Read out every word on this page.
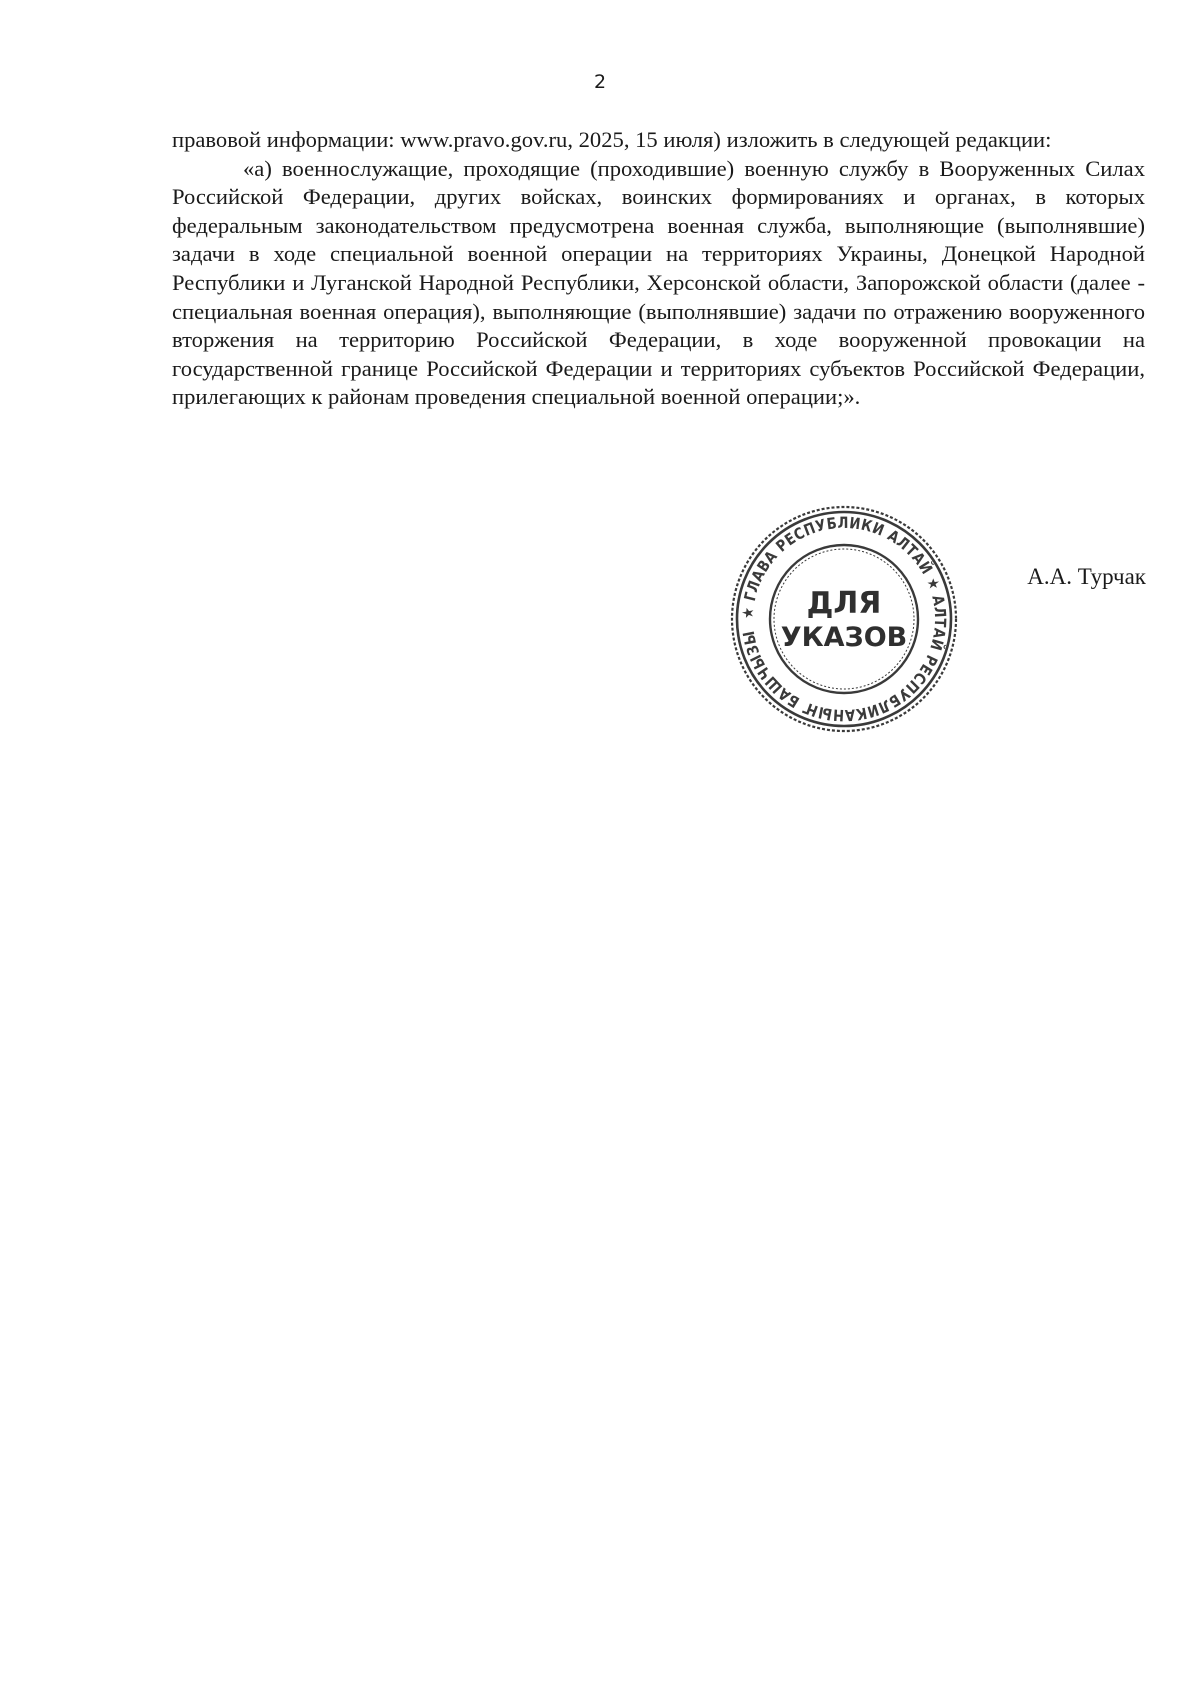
2

правовой информации: www.pravo.gov.ru, 2025, 15 июля) изложить в следующей редакции:

«а) военнослужащие, проходящие (проходившие) военную службу в Вооруженных Силах Российской Федерации, других войсках, воинских формированиях и органах, в которых федеральным законодательством предусмотрена военная служба, выполняющие (выполнявшие) задачи в ходе специальной военной операции на территориях Украины, Донецкой Народной Республики и Луганской Народной Республики, Херсонской области, Запорожской области (далее - специальная военная операция), выполняющие (выполнявшие) задачи по отражению вооруженного вторжения на территорию Российской Федерации, в ходе вооруженной провокации на государственной границе Российской Федерации и территориях субъектов Российской Федерации, прилегающих к районам проведения специальной военной операции;».

★ ГЛАВА РЕСПУБЛИКИ АЛТАЙ ★ АЛТАЙ РЕСПУБЛИКАНЫҤ БАШЧЫЗЫ
ДЛЯ
УКАЗОВ
А.А. Турчак
